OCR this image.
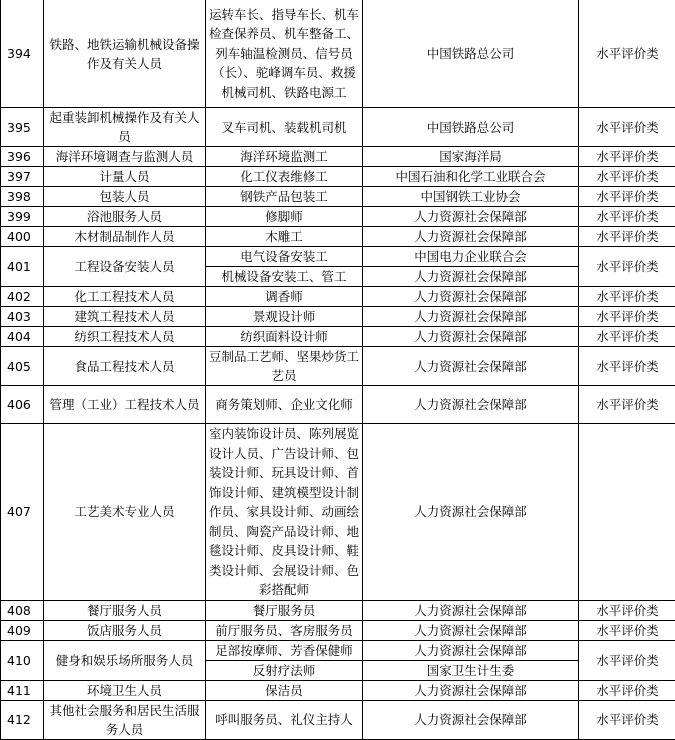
394	铁路、地铁运输机械设备操作及有关人员	运转车长、指导车长、机车检查保养员、机车整备工、列车轴温检测员、信号员（长）、驼峰调车员、救援机械司机、铁路电源工	中国铁路总公司	水平评价类
395	起重装卸机械操作及有关人员	叉车司机、装载机司机	中国铁路总公司	水平评价类
396	海洋环境调查与监测人员	海洋环境监测工	国家海洋局	水平评价类
397	计量人员	化工仪表维修工	中国石油和化学工业联合会	水平评价类
398	包装人员	钢铁产品包装工	中国钢铁工业协会	水平评价类
399	浴池服务人员	修脚师	人力资源社会保障部	水平评价类
400	木材制品制作人员	木雕工	人力资源社会保障部	水平评价类
401	工程设备安装人员	电气设备安装工	中国电力企业联合会	水平评价类
		机械设备安装工、管工	人力资源社会保障部	
402	化工工程技术人员	调香师	人力资源社会保障部	水平评价类
403	建筑工程技术人员	景观设计师	人力资源社会保障部	水平评价类
404	纺织工程技术人员	纺织面料设计师	人力资源社会保障部	水平评价类
405	食品工程技术人员	豆制品工艺师、坚果炒货工艺员	人力资源社会保障部	水平评价类
406	管理（工业）工程技术人员	商务策划师、企业文化师	人力资源社会保障部	水平评价类
407	工艺美术专业人员	室内装饰设计员、陈列展览设计人员、广告设计师、包装设计师、玩具设计师、首饰设计师、建筑模型设计制作员、家具设计师、动画绘制员、陶瓷产品设计师、地毯设计师、皮具设计师、鞋类设计师、会展设计师、色彩搭配师	人力资源社会保障部	
408	餐厅服务人员	餐厅服务员	人力资源社会保障部	水平评价类
409	饭店服务人员	前厅服务员、客房服务员	人力资源社会保障部	水平评价类
410	健身和娱乐场所服务人员	足部按摩师、芳香保健师	人力资源社会保障部	水平评价类
		反射疗法师	国家卫生计生委	
411	环境卫生人员	保洁员	人力资源社会保障部	水平评价类
412	其他社会服务和居民生活服务人员	呼叫服务员、礼仪主持人	人力资源社会保障部	水平评价类
